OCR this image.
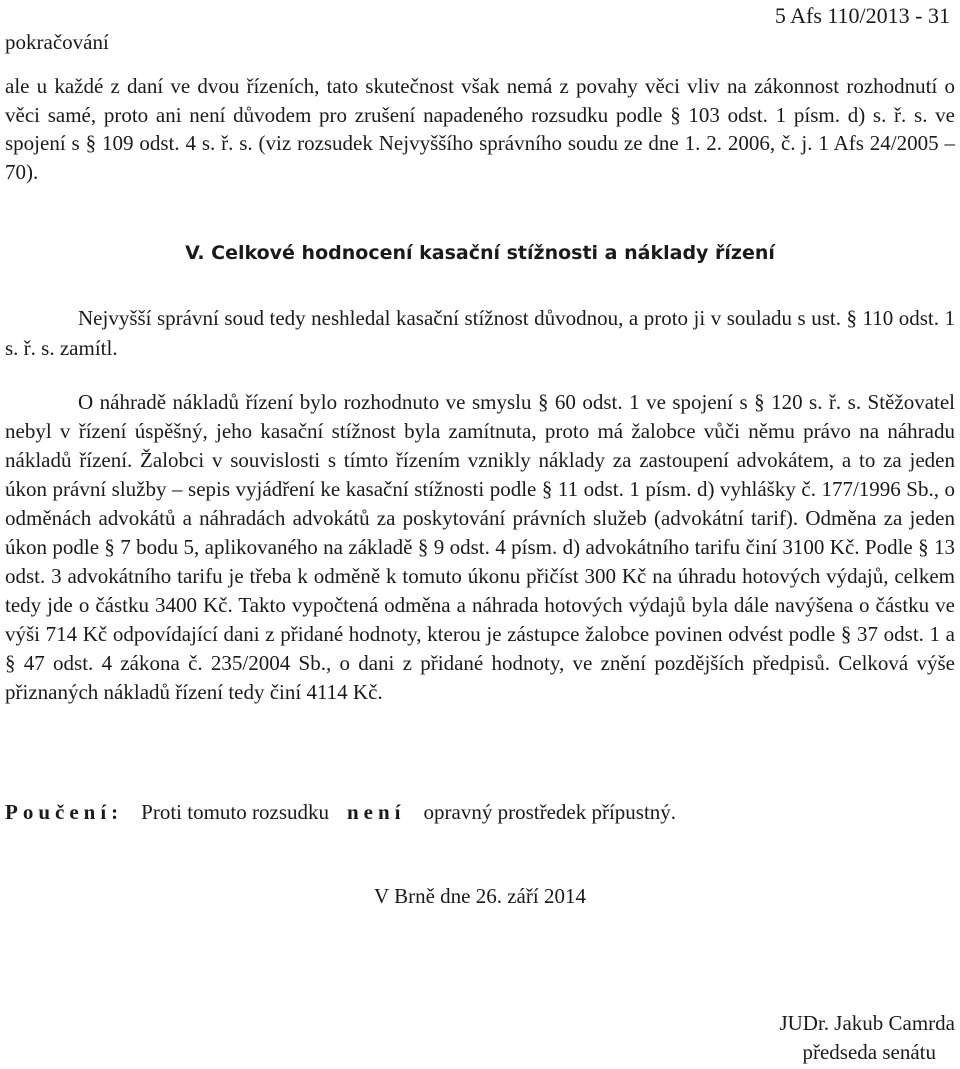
5 Afs 110/2013 - 31
pokračování

ale u každé z daní ve dvou řízeních, tato skutečnost však nemá z povahy věci vliv na zákonnost rozhodnutí o věci samé, proto ani není důvodem pro zrušení napadeného rozsudku podle § 103 odst. 1 písm. d) s. ř. s. ve spojení s § 109 odst. 4 s. ř. s. (viz rozsudek Nejvyššího správního soudu ze dne 1. 2. 2006, č. j. 1 Afs 24/2005 – 70).

V. Celkové hodnocení kasační stížnosti a náklady řízení

Nejvyšší správní soud tedy neshledal kasační stížnost důvodnou, a proto ji v souladu s ust. § 110 odst. 1 s. ř. s. zamítl.

O náhradě nákladů řízení bylo rozhodnuto ve smyslu § 60 odst. 1 ve spojení s § 120 s. ř. s. Stěžovatel nebyl v řízení úspěšný, jeho kasační stížnost byla zamítnuta, proto má žalobce vůči němu právo na náhradu nákladů řízení. Žalobci v souvislosti s tímto řízením vznikly náklady za zastoupení advokátem, a to za jeden úkon právní služby – sepis vyjádření ke kasační stížnosti podle § 11 odst. 1 písm. d) vyhlášky č. 177/1996 Sb., o odměnách advokátů a náhradách advokátů za poskytování právních služeb (advokátní tarif). Odměna za jeden úkon podle § 7 bodu 5, aplikovaného na základě § 9 odst. 4 písm. d) advokátního tarifu činí 3100 Kč. Podle § 13 odst. 3 advokátního tarifu je třeba k odměně k tomuto úkonu přičíst 300 Kč na úhradu hotových výdajů, celkem tedy jde o částku 3400 Kč. Takto vypočtená odměna a náhrada hotových výdajů byla dále navýšena o částku ve výši 714 Kč odpovídající dani z přidané hodnoty, kterou je zástupce žalobce povinen odvést podle § 37 odst. 1 a § 47 odst. 4 zákona č. 235/2004 Sb., o dani z přidané hodnoty, ve znění pozdějších předpisů. Celková výše přiznaných nákladů řízení tedy činí 4114 Kč.

Poučení: Proti tomuto rozsudku není opravný prostředek přípustný.
V Brně dne 26. září 2014
JUDr. Jakub Camrda
předseda senátu
